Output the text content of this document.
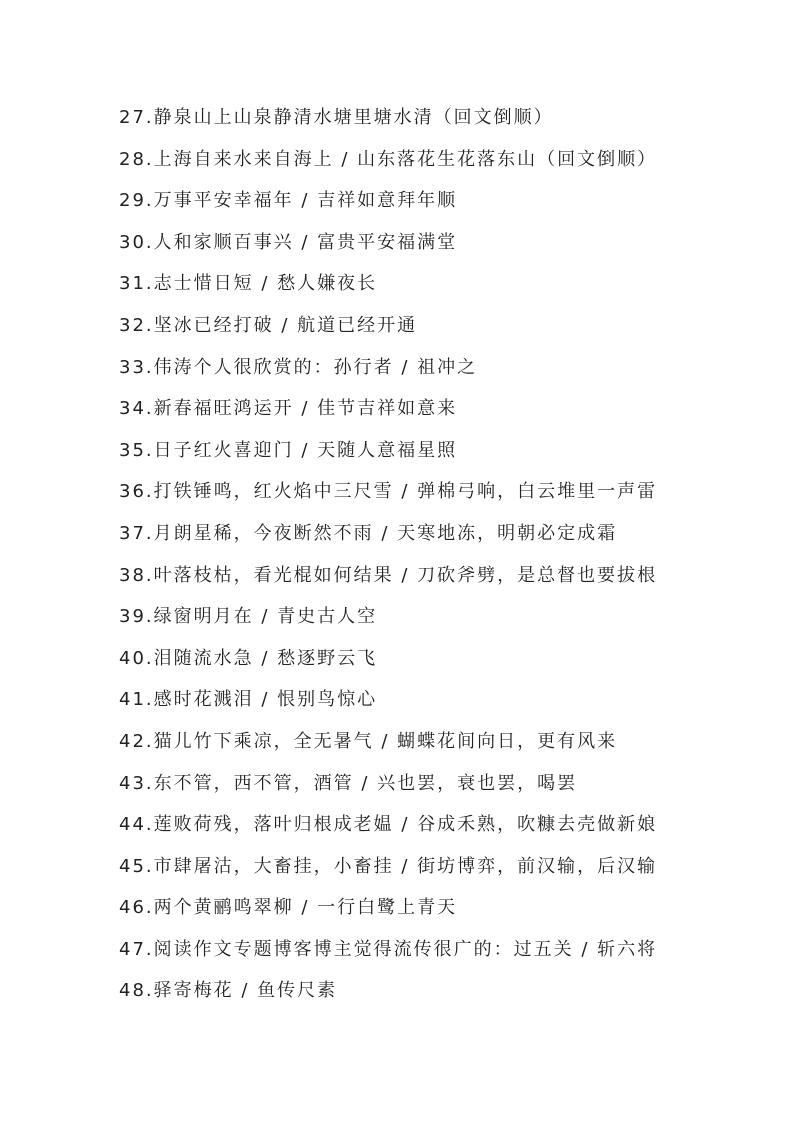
27.静泉山上山泉静清水塘里塘水清（回文倒顺）
28.上海自来水来自海上 / 山东落花生花落东山（回文倒顺）
29.万事平安幸福年 / 吉祥如意拜年顺
30.人和家顺百事兴 / 富贵平安福满堂
31.志士惜日短 / 愁人嫌夜长
32.坚冰已经打破 / 航道已经开通
33.伟涛个人很欣赏的：孙行者 / 祖冲之
34.新春福旺鸿运开 / 佳节吉祥如意来
35.日子红火喜迎门 / 天随人意福星照
36.打铁锤鸣，红火焰中三尺雪 / 弹棉弓响，白云堆里一声雷
37.月朗星稀，今夜断然不雨 / 天寒地冻，明朝必定成霜
38.叶落枝枯，看光棍如何结果 / 刀砍斧劈，是总督也要拔根
39.绿窗明月在 / 青史古人空
40.泪随流水急 / 愁逐野云飞
41.感时花溅泪 / 恨别鸟惊心
42.猫儿竹下乘凉，全无暑气 / 蝴蝶花间向日，更有风来
43.东不管，西不管，酒管 / 兴也罢，衰也罢，喝罢
44.莲败荷残，落叶归根成老媪 / 谷成禾熟，吹糠去壳做新娘
45.市肆屠沽，大畜挂，小畜挂 / 街坊博弈，前汉输，后汉输
46.两个黄鹂鸣翠柳 / 一行白鹭上青天
47.阅读作文专题博客博主觉得流传很广的：过五关 / 斩六将
48.驿寄梅花 / 鱼传尺素
